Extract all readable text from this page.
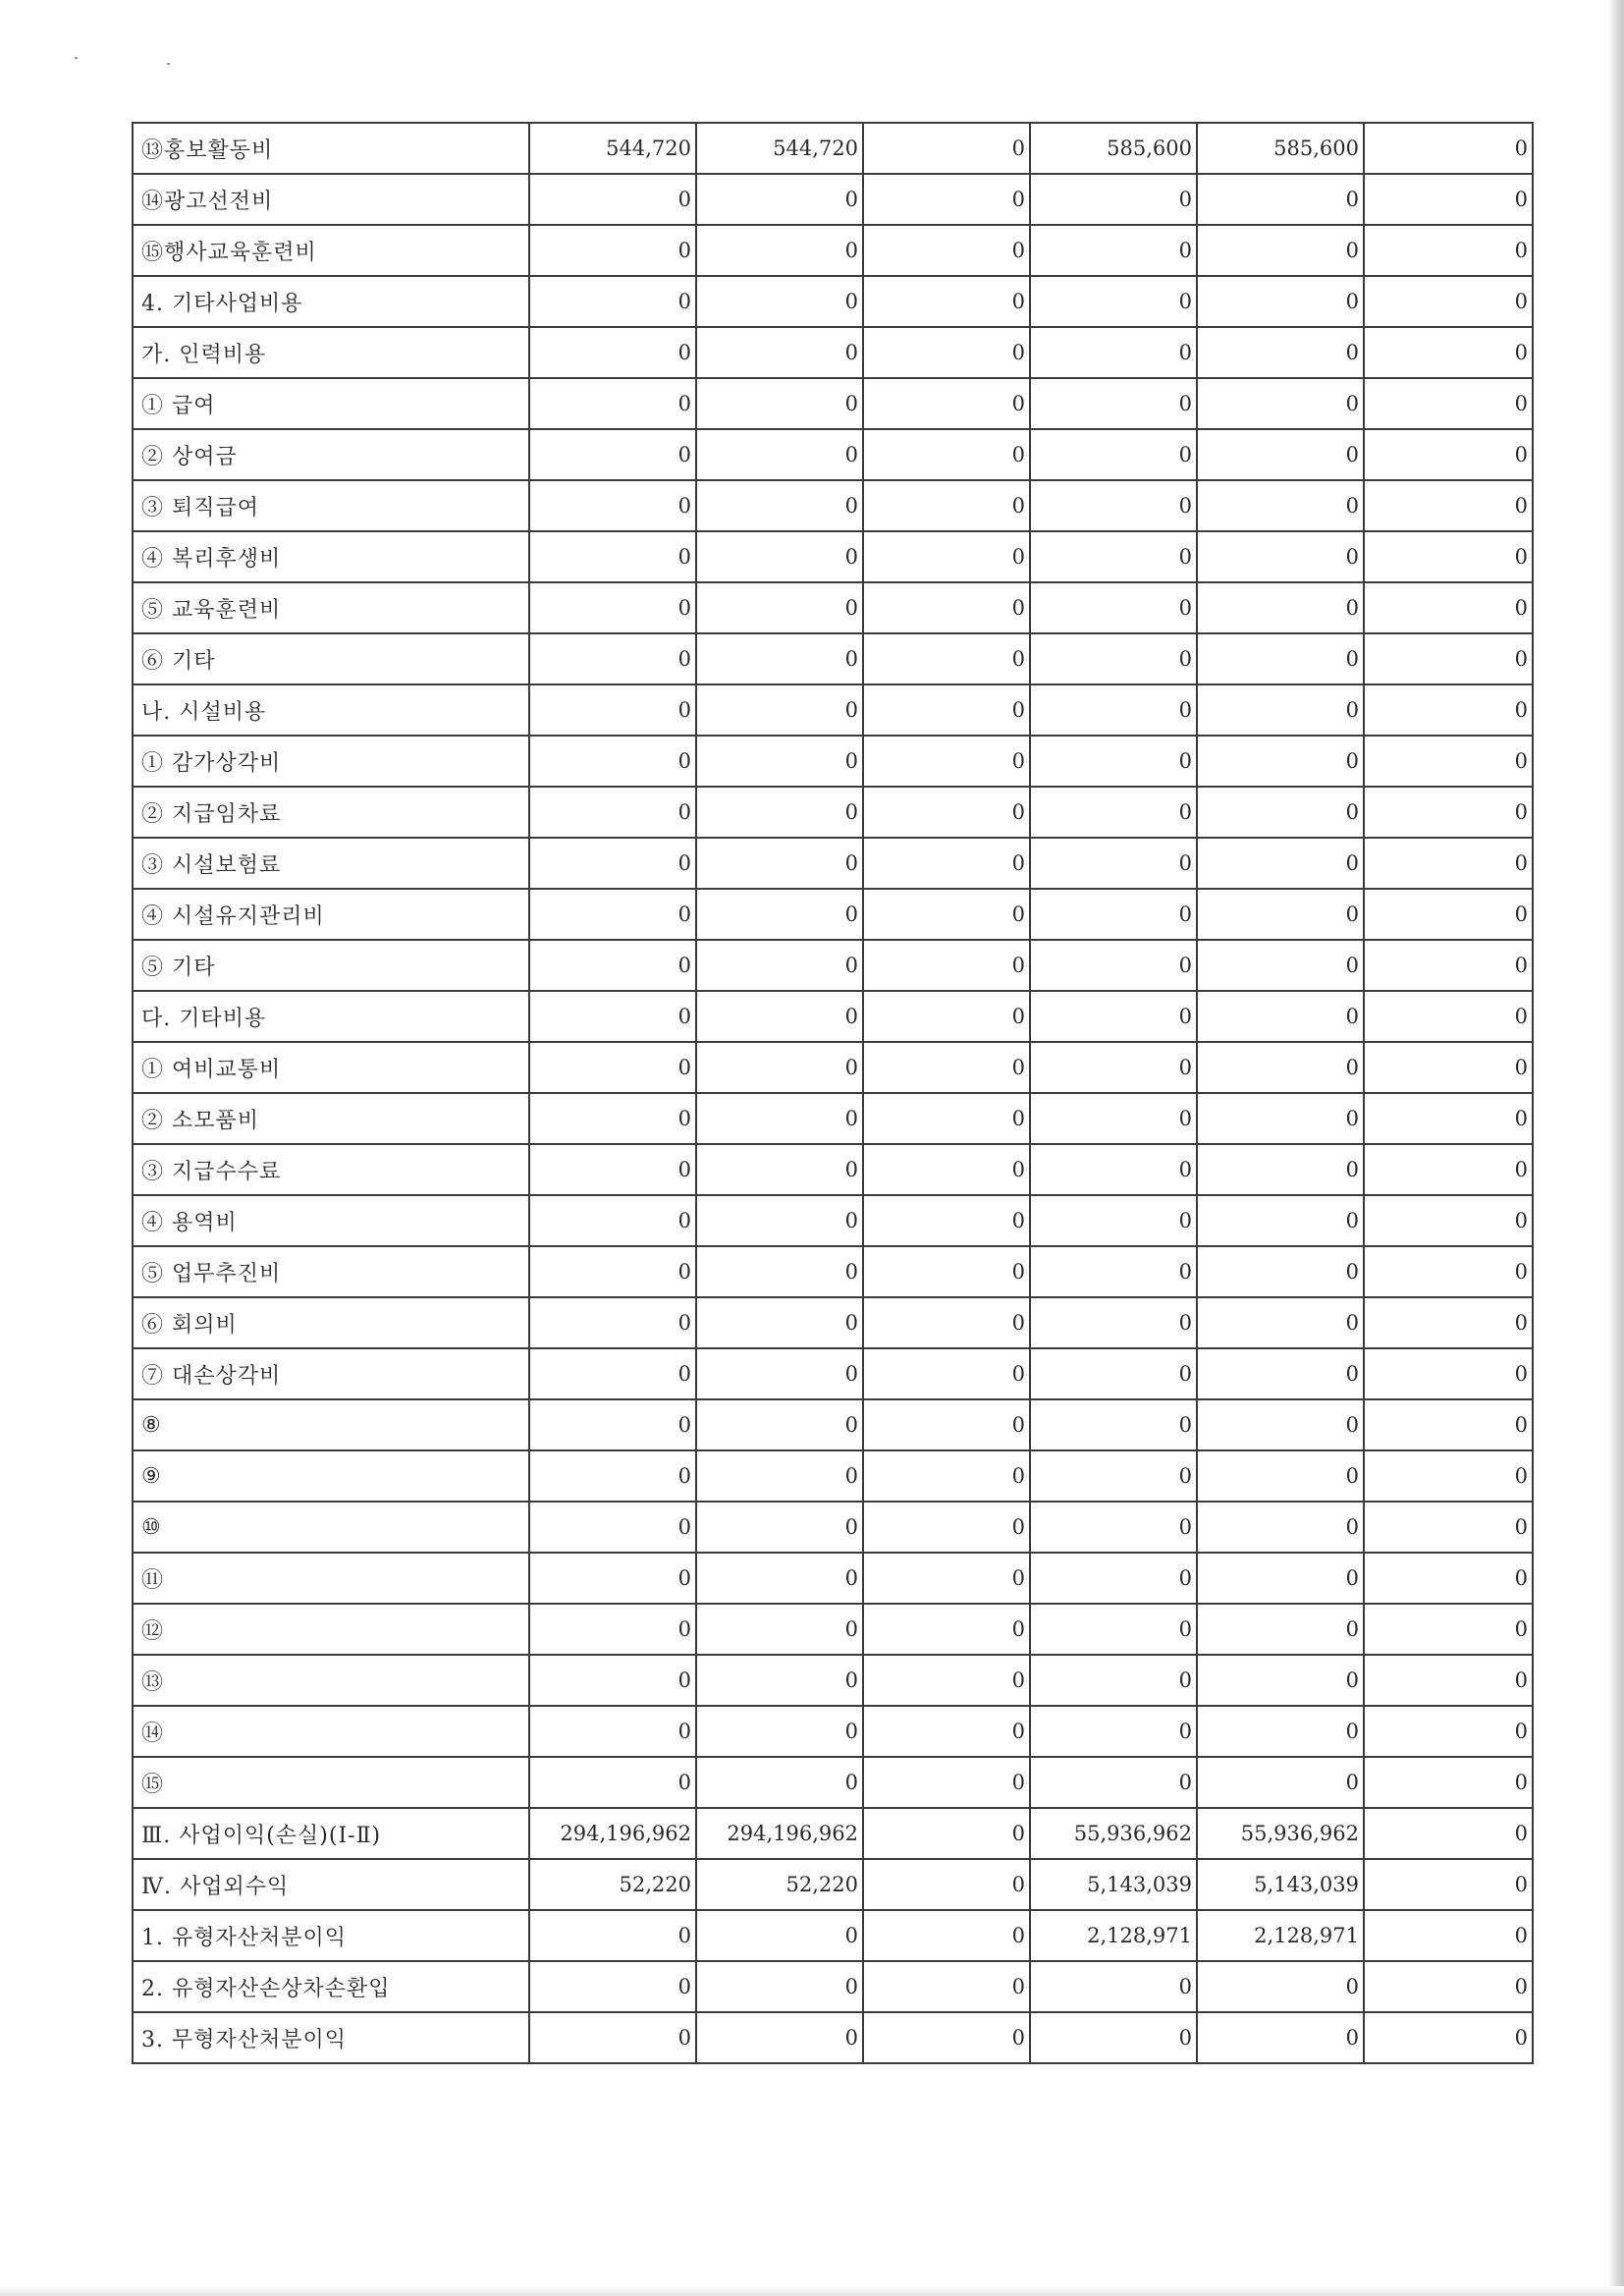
⑬홍보활동비	544,720	544,720	0	585,600	585,600	0
⑭광고선전비	0	0	0	0	0	0
⑮행사교육훈련비	0	0	0	0	0	0
4. 기타사업비용	0	0	0	0	0	0
가. 인력비용	0	0	0	0	0	0
① 급여	0	0	0	0	0	0
② 상여금	0	0	0	0	0	0
③ 퇴직급여	0	0	0	0	0	0
④ 복리후생비	0	0	0	0	0	0
⑤ 교육훈련비	0	0	0	0	0	0
⑥ 기타	0	0	0	0	0	0
나. 시설비용	0	0	0	0	0	0
① 감가상각비	0	0	0	0	0	0
② 지급임차료	0	0	0	0	0	0
③ 시설보험료	0	0	0	0	0	0
④ 시설유지관리비	0	0	0	0	0	0
⑤ 기타	0	0	0	0	0	0
다. 기타비용	0	0	0	0	0	0
① 여비교통비	0	0	0	0	0	0
② 소모품비	0	0	0	0	0	0
③ 지급수수료	0	0	0	0	0	0
④ 용역비	0	0	0	0	0	0
⑤ 업무추진비	0	0	0	0	0	0
⑥ 회의비	0	0	0	0	0	0
⑦ 대손상각비	0	0	0	0	0	0
⑧	0	0	0	0	0	0
⑨	0	0	0	0	0	0
⑩	0	0	0	0	0	0
⑪	0	0	0	0	0	0
⑫	0	0	0	0	0	0
⑬	0	0	0	0	0	0
⑭	0	0	0	0	0	0
⑮	0	0	0	0	0	0
Ⅲ. 사업이익(손실)(Ⅰ-Ⅱ)	294,196,962	294,196,962	0	55,936,962	55,936,962	0
Ⅳ. 사업외수익	52,220	52,220	0	5,143,039	5,143,039	0
1. 유형자산처분이익	0	0	0	2,128,971	2,128,971	0
2. 유형자산손상차손환입	0	0	0	0	0	0
3. 무형자산처분이익	0	0	0	0	0	0
